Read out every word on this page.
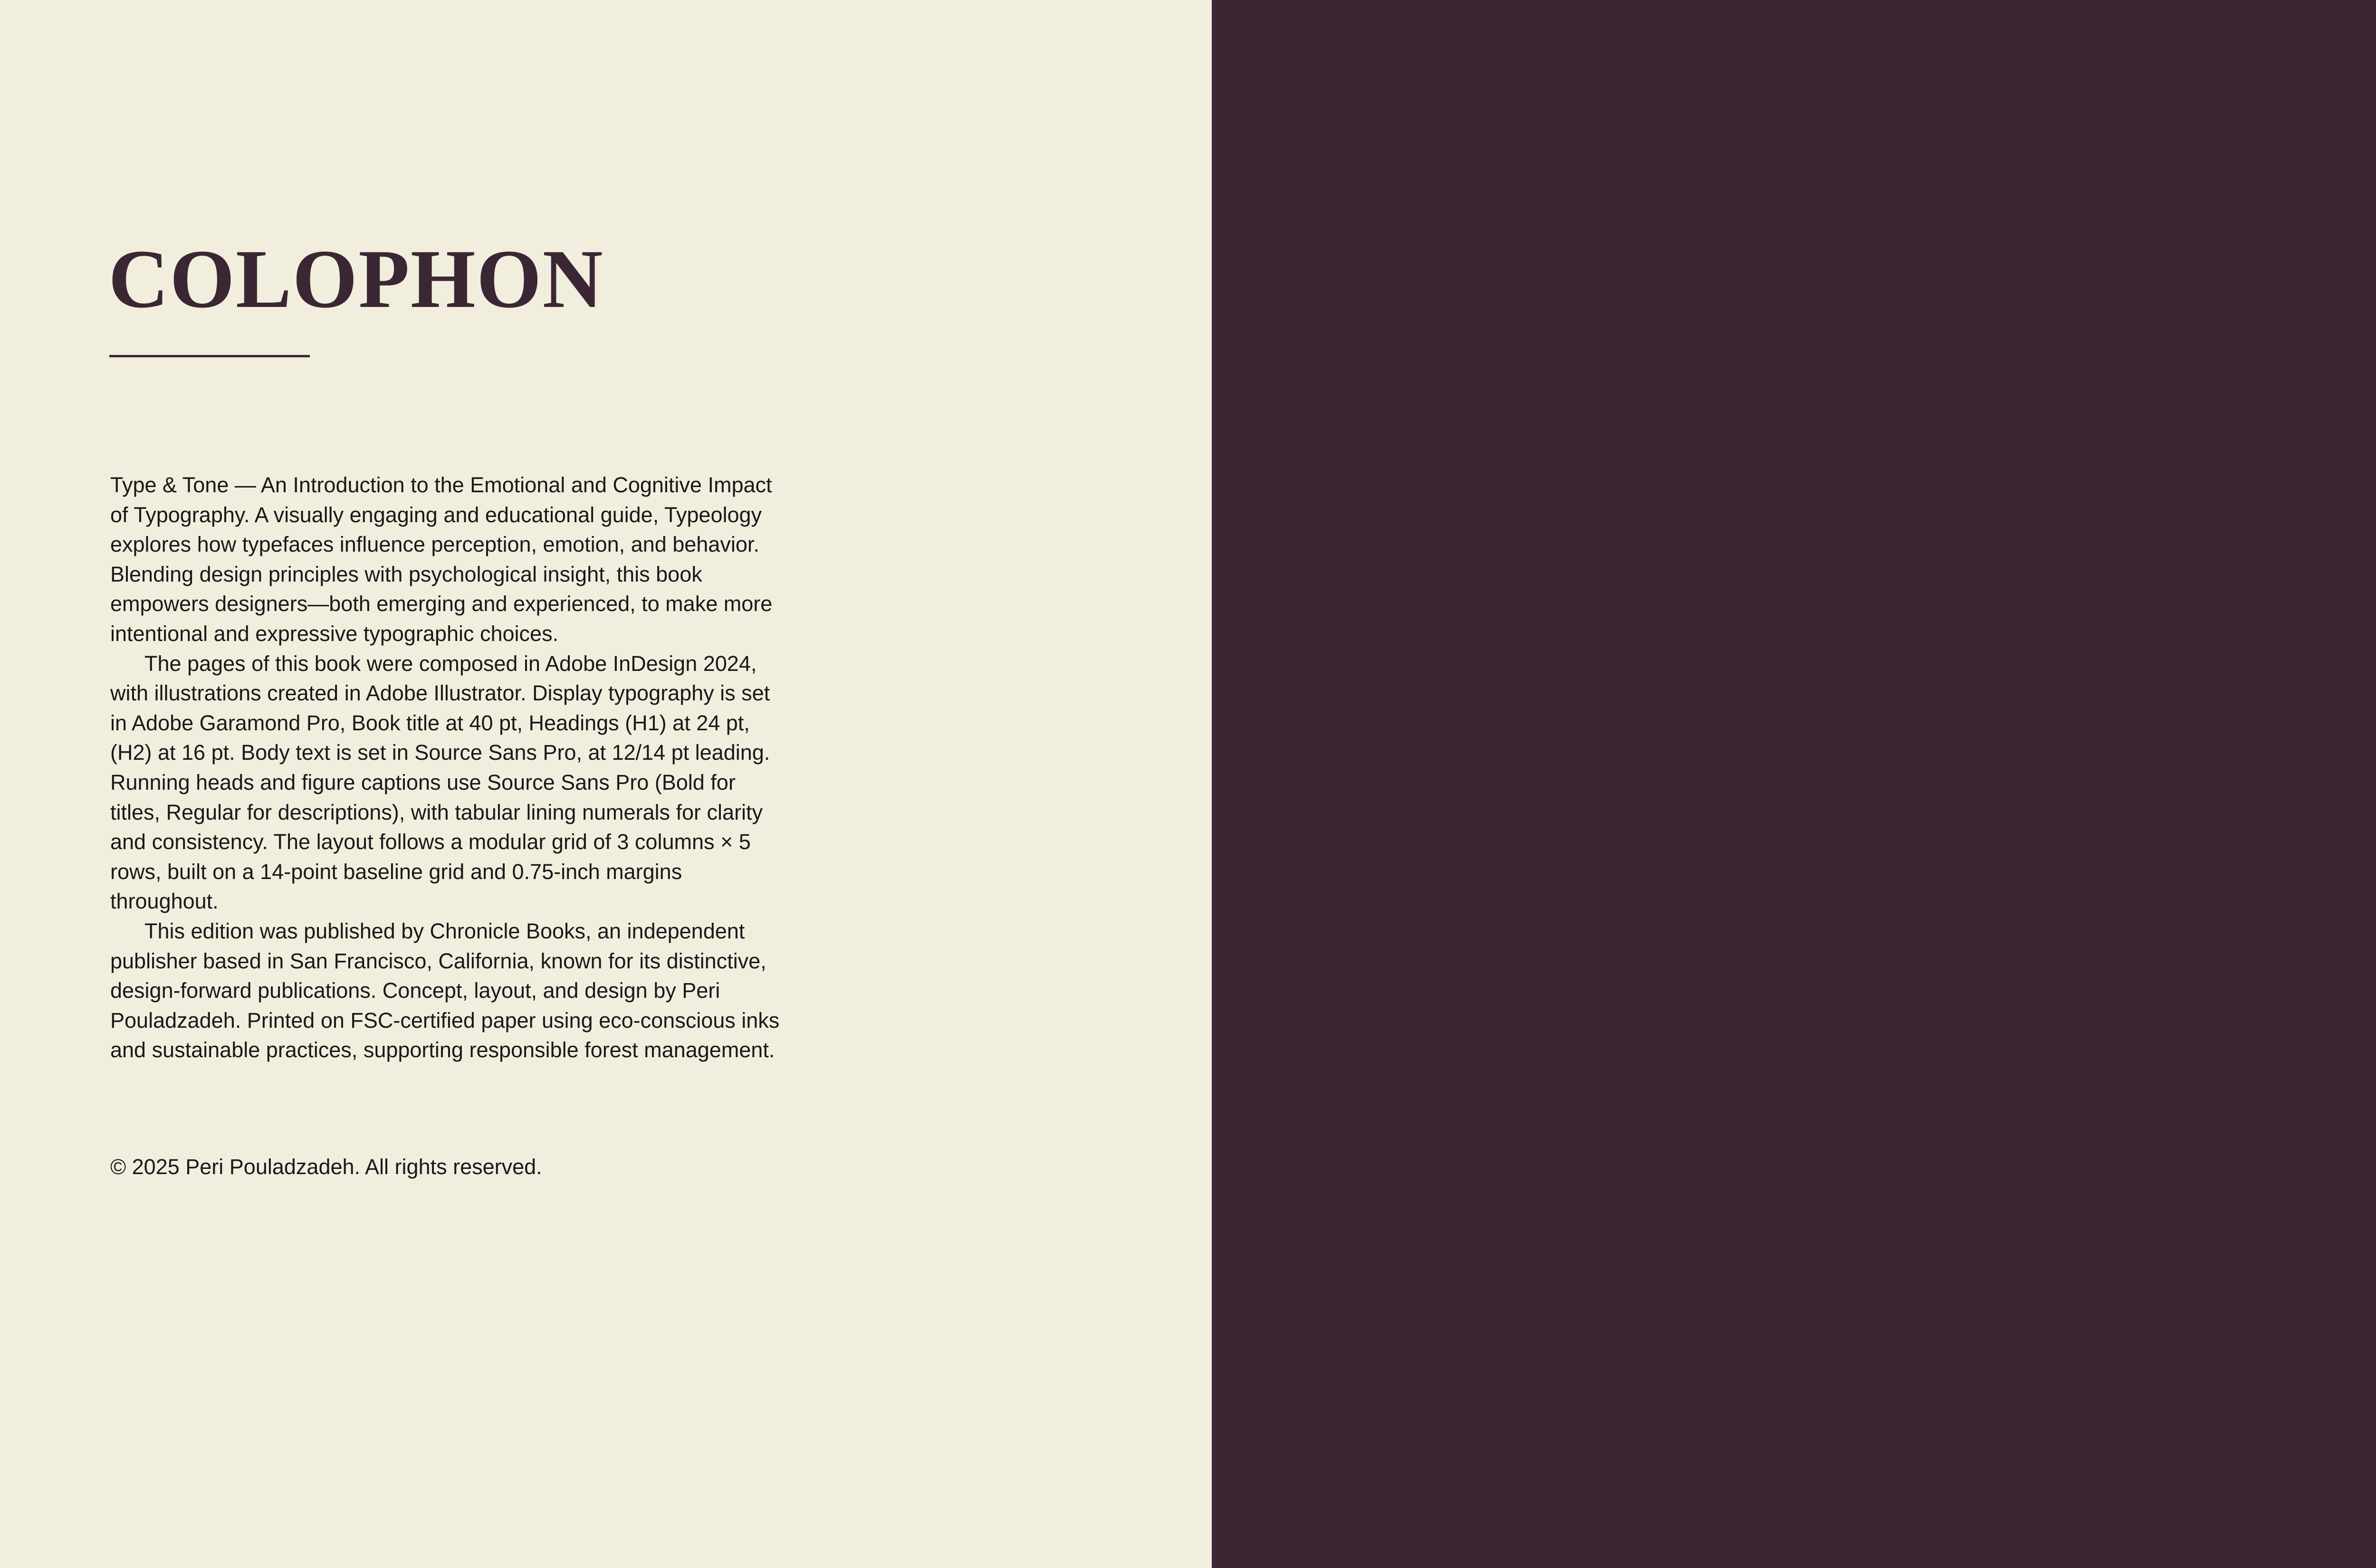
COLOPHON

Type & Tone — An Introduction to the Emotional and Cognitive Impact of Typography. A visually engaging and educational guide, Typeology explores how typefaces influence perception, emotion, and behavior. Blending design principles with psychological insight, this book empowers designers—both emerging and experienced, to make more intentional and expressive typographic choices.

The pages of this book were composed in Adobe InDesign 2024, with illustrations created in Adobe Illustrator. Display typography is set in Adobe Garamond Pro, Book title at 40 pt, Headings (H1) at 24 pt, (H2) at 16 pt. Body text is set in Source Sans Pro, at 12/14 pt leading. Running heads and figure captions use Source Sans Pro (Bold for titles, Regular for descriptions), with tabular lining numerals for clarity and consistency. The layout follows a modular grid of 3 columns × 5 rows, built on a 14-point baseline grid and 0.75-inch margins throughout.

This edition was published by Chronicle Books, an independent publisher based in San Francisco, California, known for its distinctive, design-forward publications. Concept, layout, and design by Peri Pouladzadeh. Printed on FSC-certified paper using eco-conscious inks and sustainable practices, supporting responsible forest management.

© 2025 Peri Pouladzadeh. All rights reserved.
